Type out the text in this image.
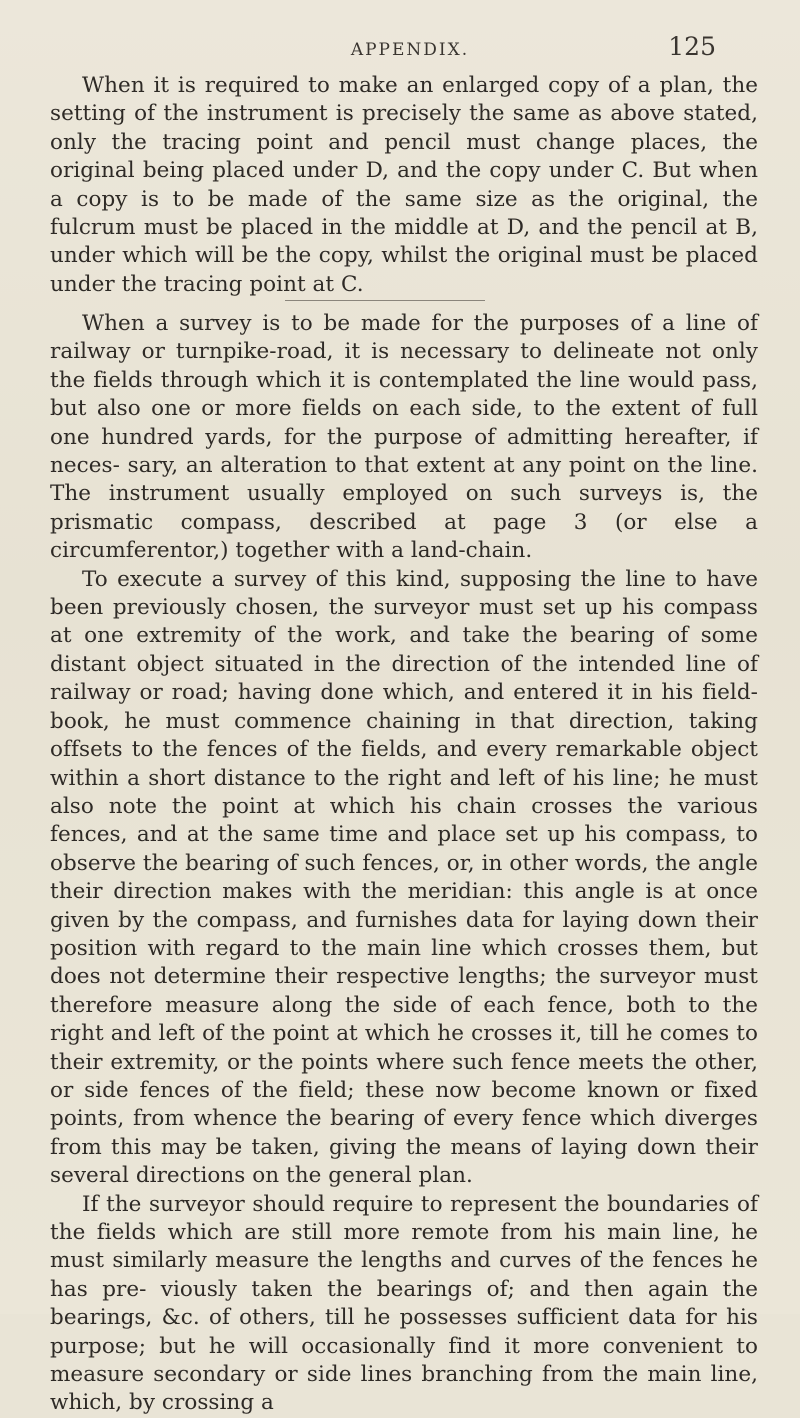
APPENDIX.	125

When it is required to make an enlarged copy of a plan, the setting of the instrument is precisely the same as above stated, only the tracing point and pencil must change places, the original being placed under D, and the copy under C. But when a copy is to be made of the same size as the original, the fulcrum must be placed in the middle at D, and the pencil at B, under which will be the copy, whilst the original must be placed under the tracing point at C.

When a survey is to be made for the purposes of a line of railway or turnpike-road, it is necessary to delineate not only the fields through which it is contemplated the line would pass, but also one or more fields on each side, to the extent of full one hundred yards, for the purpose of admitting hereafter, if neces- sary, an alteration to that extent at any point on the line. The instrument usually employed on such surveys is, the prismatic compass, described at page 3 (or else a circumferentor,) together with a land-chain.

To execute a survey of this kind, supposing the line to have been previously chosen, the surveyor must set up his compass at one extremity of the work, and take the bearing of some distant object situated in the direction of the intended line of railway or road; having done which, and entered it in his field-book, he must commence chaining in that direction, taking offsets to the fences of the fields, and every remarkable object within a short distance to the right and left of his line; he must also note the point at which his chain crosses the various fences, and at the same time and place set up his compass, to observe the bearing of such fences, or, in other words, the angle their direction makes with the meridian: this angle is at once given by the compass, and furnishes data for laying down their position with regard to the main line which crosses them, but does not determine their respective lengths; the surveyor must therefore measure along the side of each fence, both to the right and left of the point at which he crosses it, till he comes to their extremity, or the points where such fence meets the other, or side fences of the field; these now become known or fixed points, from whence the bearing of every fence which diverges from this may be taken, giving the means of laying down their several directions on the general plan.

If the surveyor should require to represent the boundaries of the fields which are still more remote from his main line, he must similarly measure the lengths and curves of the fences he has pre- viously taken the bearings of; and then again the bearings, &c. of others, till he possesses sufficient data for his purpose; but he will occasionally find it more convenient to measure secondary or side lines branching from the main line, which, by crossing a
